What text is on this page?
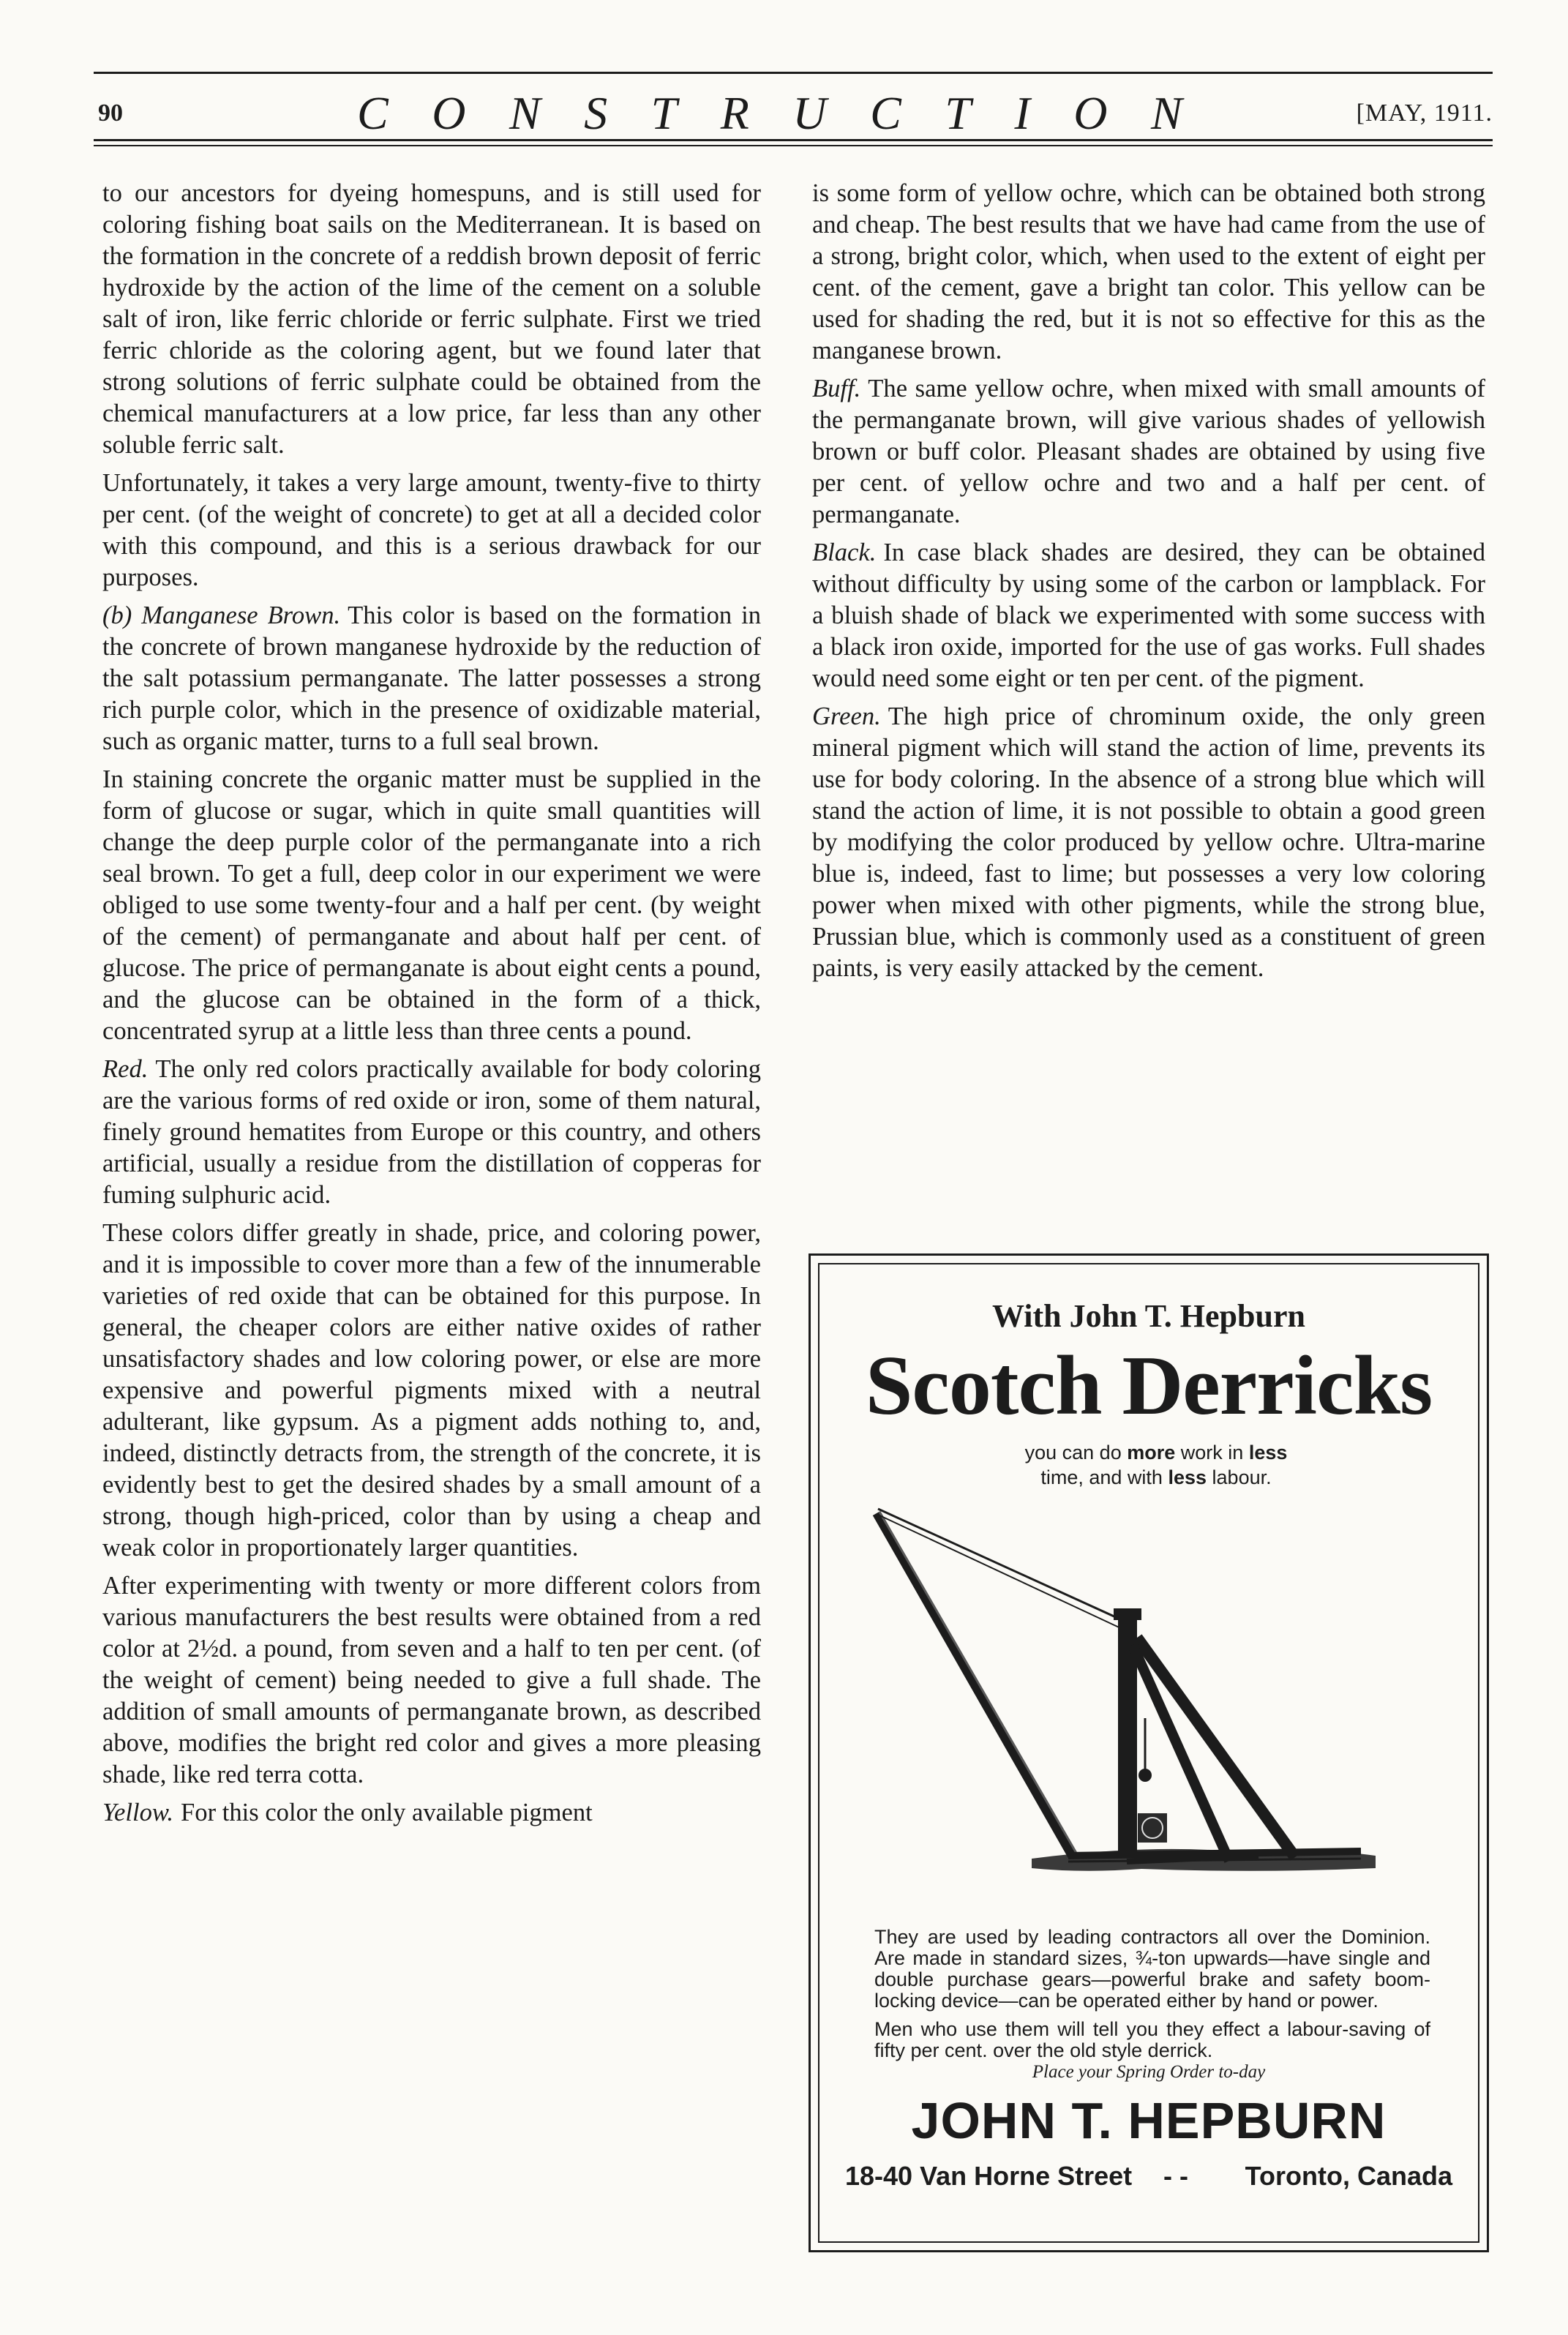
90	CONSTRUCTION	[MAY, 1911.

to our ancestors for dyeing homespuns, and is still used for coloring fishing boat sails on the Mediterranean. It is based on the formation in the concrete of a reddish brown deposit of ferric hydroxide by the action of the lime of the cement on a soluble salt of iron, like ferric chloride or ferric sulphate. First we tried ferric chloride as the coloring agent, but we found later that strong solutions of ferric sulphate could be obtained from the chemical manufacturers at a low price, far less than any other soluble ferric salt.

Unfortunately, it takes a very large amount, twenty-five to thirty per cent. (of the weight of concrete) to get at all a decided color with this compound, and this is a serious drawback for our purposes.

(b) Manganese Brown. This color is based on the formation in the concrete of brown manganese hydroxide by the reduction of the salt potassium permanganate. The latter possesses a strong rich purple color, which in the presence of oxidizable material, such as organic matter, turns to a full seal brown.

In staining concrete the organic matter must be supplied in the form of glucose or sugar, which in quite small quantities will change the deep purple color of the permanganate into a rich seal brown. To get a full, deep color in our experiment we were obliged to use some twenty-four and a half per cent. (by weight of the cement) of permanganate and about half per cent. of glucose. The price of permanganate is about eight cents a pound, and the glucose can be obtained in the form of a thick, concentrated syrup at a little less than three cents a pound.

Red. The only red colors practically available for body coloring are the various forms of red oxide or iron, some of them natural, finely ground hematites from Europe or this country, and others artificial, usually a residue from the distillation of copperas for fuming sulphuric acid.

These colors differ greatly in shade, price, and coloring power, and it is impossible to cover more than a few of the innumerable varieties of red oxide that can be obtained for this purpose. In general, the cheaper colors are either native oxides of rather unsatisfactory shades and low coloring power, or else are more expensive and powerful pigments mixed with a neutral adulterant, like gypsum. As a pigment adds nothing to, and, indeed, distinctly detracts from, the strength of the concrete, it is evidently best to get the desired shades by a small amount of a strong, though high-priced, color than by using a cheap and weak color in proportionately larger quantities.

After experimenting with twenty or more different colors from various manufacturers the best results were obtained from a red color at 2½d. a pound, from seven and a half to ten per cent. (of the weight of cement) being needed to give a full shade. The addition of small amounts of permanganate brown, as described above, modifies the bright red color and gives a more pleasing shade, like red terra cotta.

Yellow. For this color the only available pigment

is some form of yellow ochre, which can be obtained both strong and cheap. The best results that we have had came from the use of a strong, bright color, which, when used to the extent of eight per cent. of the cement, gave a bright tan color. This yellow can be used for shading the red, but it is not so effective for this as the manganese brown.

Buff. The same yellow ochre, when mixed with small amounts of the permanganate brown, will give various shades of yellowish brown or buff color. Pleasant shades are obtained by using five per cent. of yellow ochre and two and a half per cent. of permanganate.

Black. In case black shades are desired, they can be obtained without difficulty by using some of the carbon or lampblack. For a bluish shade of black we experimented with some success with a black iron oxide, imported for the use of gas works. Full shades would need some eight or ten per cent. of the pigment.

Green. The high price of chrominum oxide, the only green mineral pigment which will stand the action of lime, prevents its use for body coloring. In the absence of a strong blue which will stand the action of lime, it is not possible to obtain a good green by modifying the color produced by yellow ochre. Ultra-marine blue is, indeed, fast to lime; but possesses a very low coloring power when mixed with other pigments, while the strong blue, Prussian blue, which is commonly used as a constituent of green paints, is very easily attacked by the cement.

With John T. Hepburn
Scotch Derricks
you can do more work in less
time, and with less labour.

They are used by leading contractors all over the Dominion. Are made in standard sizes, ¾-ton upwards—have single and double purchase gears—powerful brake and safety boom-locking device—can be operated either by hand or power.

Men who use them will tell you they effect a labour-saving of fifty per cent. over the old style derrick.

Place your Spring Order to-day
JOHN T. HEPBURN
18-40 Van Horne Street - - Toronto, Canada
